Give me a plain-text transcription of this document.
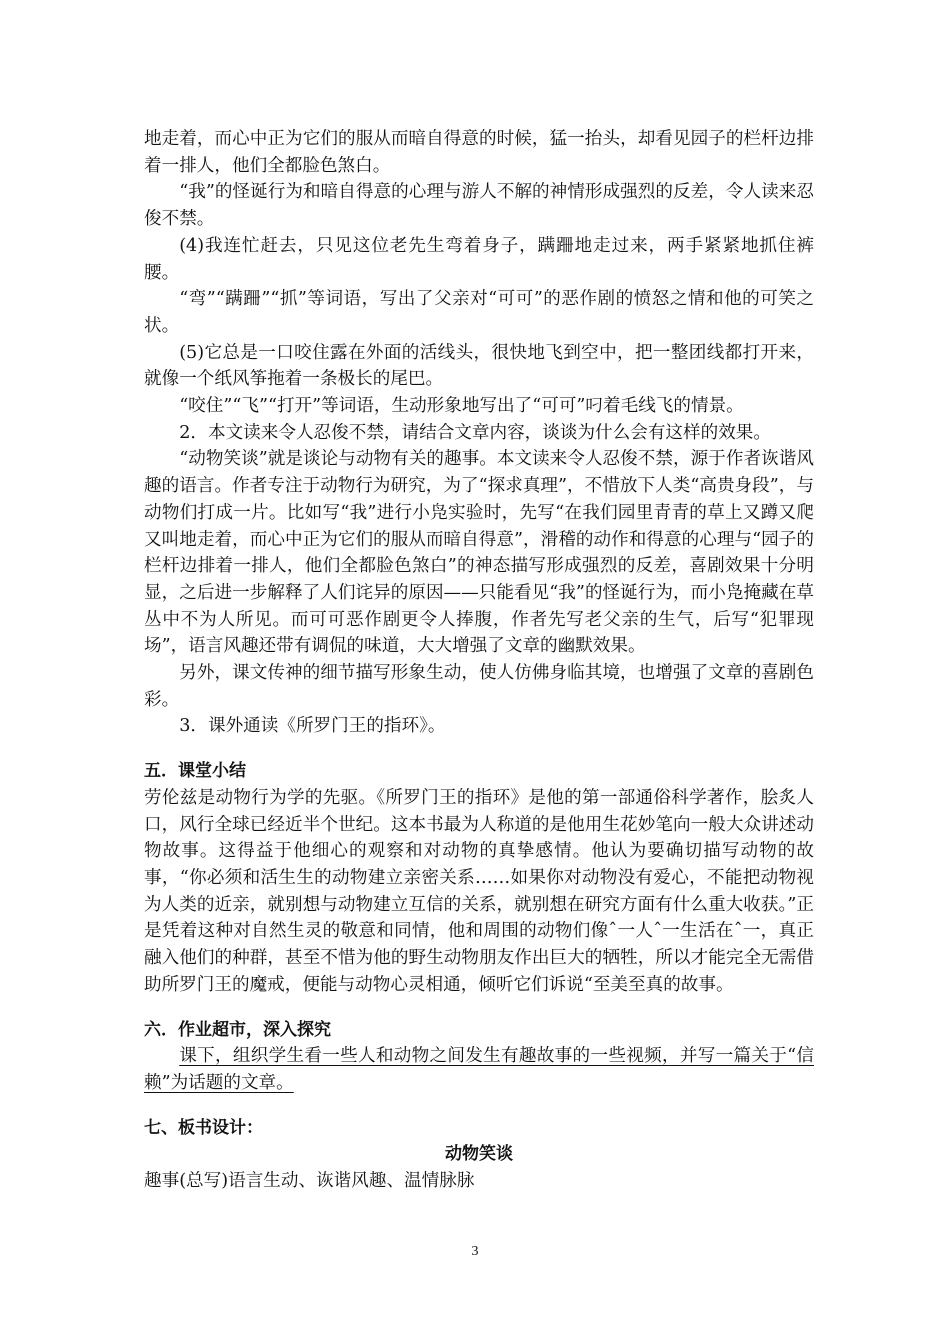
地走着，而心中正为它们的服从而暗自得意的时候，猛一抬头，却看见园子的栏杆边排着一排人，他们全都脸色煞白。

“我”的怪诞行为和暗自得意的心理与游人不解的神情形成强烈的反差，令人读来忍俊不禁。

(4)我连忙赶去，只见这位老先生弯着身子，蹒跚地走过来，两手紧紧地抓住裤腰。

“弯”“蹒跚”“抓”等词语，写出了父亲对“可可”的恶作剧的愤怒之情和他的可笑之状。

(5)它总是一口咬住露在外面的活线头，很快地飞到空中，把一整团线都打开来，就像一个纸风筝拖着一条极长的尾巴。

“咬住”“飞”“打开”等词语，生动形象地写出了“可可”叼着毛线飞的情景。

2．本文读来令人忍俊不禁，请结合文章内容，谈谈为什么会有这样的效果。

“动物笑谈”就是谈论与动物有关的趣事。本文读来令人忍俊不禁，源于作者诙谐风趣的语言。作者专注于动物行为研究，为了“探求真理”，不惜放下人类“高贵身段”，与动物们打成一片。比如写“我”进行小凫实验时，先写“在我们园里青青的草上又蹲又爬又叫地走着，而心中正为它们的服从而暗自得意”，滑稽的动作和得意的心理与“园子的栏杆边排着一排人，他们全都脸色煞白”的神态描写形成强烈的反差，喜剧效果十分明显，之后进一步解释了人们诧异的原因——只能看见“我”的怪诞行为，而小凫掩藏在草丛中不为人所见。而可可恶作剧更令人捧腹，作者先写老父亲的生气，后写“犯罪现场”，语言风趣还带有调侃的味道，大大增强了文章的幽默效果。

另外，课文传神的细节描写形象生动，使人仿佛身临其境，也增强了文章的喜剧色彩。

3．课外通读《所罗门王的指环》。

五．课堂小结

劳伦兹是动物行为学的先驱。《所罗门王的指环》是他的第一部通俗科学著作，脍炙人口，风行全球已经近半个世纪。这本书最为人称道的是他用生花妙笔向一般大众讲述动物故事。这得益于他细心的观察和对动物的真挚感情。他认为要确切描写动物的故事，“你必须和活生生的动物建立亲密关系……如果你对动物没有爱心，不能把动物视为人类的近亲，就别想与动物建立互信的关系，就别想在研究方面有什么重大收获。”正是凭着这种对自然生灵的敬意和同情，他和周围的动物们像ˆ一人ˆ一生活在ˆ一，真正融入他们的种群，甚至不惜为他的野生动物朋友作出巨大的牺牲，所以才能完全无需借助所罗门王的魔戒，便能与动物心灵相通，倾听它们诉说“至美至真的故事。

六．作业超市，深入探究

课下，组织学生看一些人和动物之间发生有趣故事的一些视频，并写一篇关于“信赖”为话题的文章。

七、板书设计：

动物笑谈

趣事(总写)语言生动、诙谐风趣、温情脉脉

3
